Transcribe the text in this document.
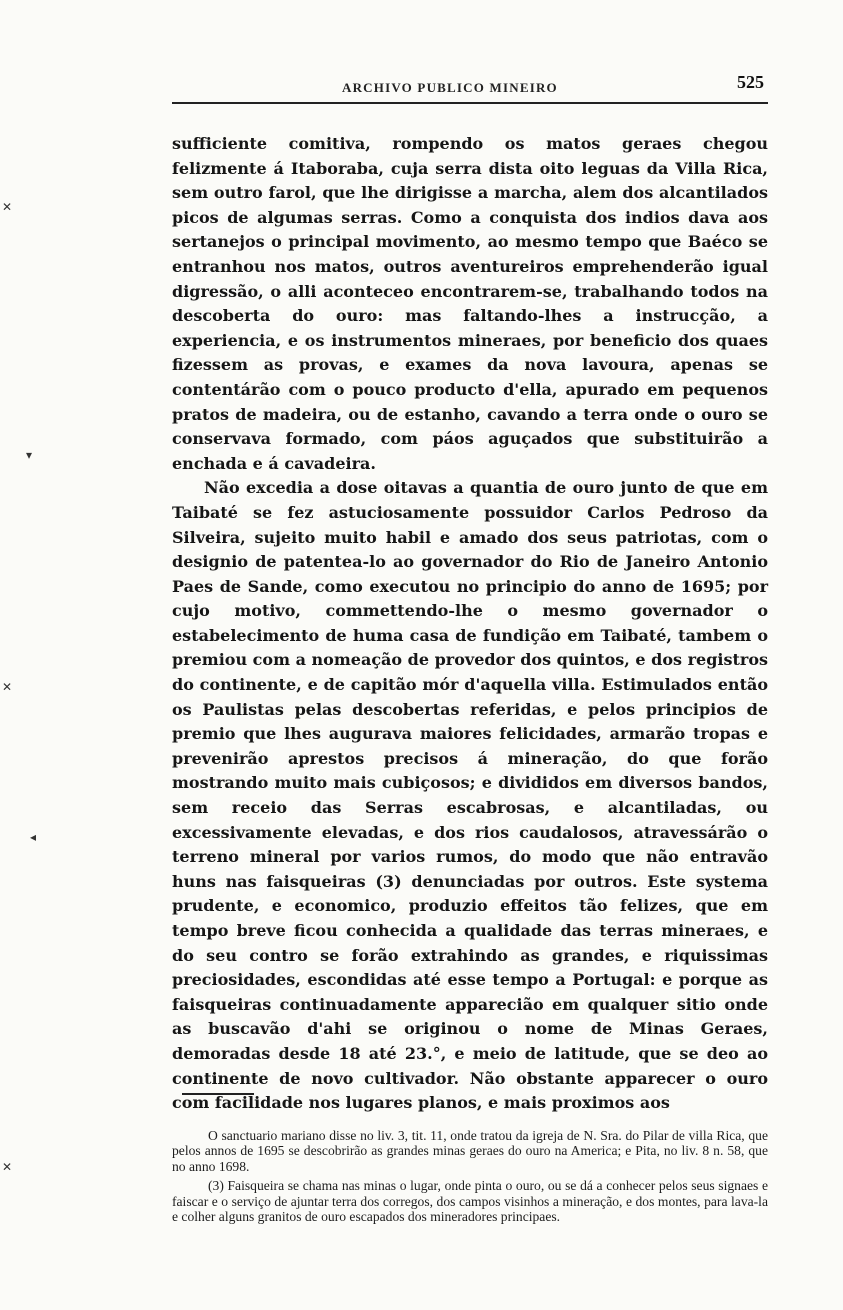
ARCHIVO PUBLICO MINEIRO	525

sufficiente comitiva, rompendo os matos geraes chegou felizmente á Itaboraba, cuja serra dista oito leguas da Villa Rica, sem outro farol, que lhe dirigisse a marcha, alem dos alcantilados picos de algumas serras. Como a conquista dos indios dava aos sertanejos o principal movimento, ao mesmo tempo que Baéco se entranhou nos matos, outros aventureiros emprehenderão igual digressão, o alli aconteceo encontrarem-se, trabalhando todos na descoberta do ouro: mas faltando-lhes a instrucção, a experiencia, e os instrumentos mineraes, por beneficio dos quaes fizessem as provas, e exames da nova lavoura, apenas se contentárão com o pouco producto d'ella, apurado em pequenos pratos de madeira, ou de estanho, cavando a terra onde o ouro se conservava formado, com páos aguçados que substituirão a enchada e á cavadeira.

Não excedia a dose oitavas a quantia de ouro junto de que em Taibaté se fez astuciosamente possuidor Carlos Pedroso da Silveira, sujeito muito habil e amado dos seus patriotas, com o designio de patentea-lo ao governador do Rio de Janeiro Antonio Paes de Sande, como executou no principio do anno de 1695; por cujo motivo, commettendo-lhe o mesmo governador o estabelecimento de huma casa de fundição em Taibaté, tambem o premiou com a nomeação de provedor dos quintos, e dos registros do continente, e de capitão mór d'aquella villa. Estimulados então os Paulistas pelas descobertas referidas, e pelos principios de premio que lhes augurava maiores felicidades, armarão tropas e prevenirão aprestos precisos á mineração, do que forão mostrando muito mais cubiçosos; e divididos em diversos bandos, sem receio das Serras escabrosas, e alcantiladas, ou excessivamente elevadas, e dos rios caudalosos, atravessárão o terreno mineral por varios rumos, do modo que não entravão huns nas faisqueiras (3) denunciadas por outros. Este systema prudente, e economico, produzio effeitos tão felizes, que em tempo breve ficou conhecida a qualidade das terras mineraes, e do seu contro se forão extrahindo as grandes, e riquissimas preciosidades, escondidas até esse tempo a Portugal: e porque as faisqueiras continuadamente apparecião em qualquer sitio onde as buscavão d'ahi se originou o nome de Minas Geraes, demoradas desde 18 até 23.°, e meio de latitude, que se deo ao continente de novo cultivador. Não obstante apparecer o ouro com facilidade nos lugares planos, e mais proximos aos

O sanctuario mariano disse no liv. 3, tit. 11, onde tratou da igreja de N. Sra. do Pilar de villa Rica, que pelos annos de 1695 se descobrirão as grandes minas geraes do ouro na America; e Pita, no liv. 8 n. 58, que no anno 1698.

(3) Faisqueira se chama nas minas o lugar, onde pinta o ouro, ou se dá a conhecer pelos seus signaes e faiscar e o serviço de ajuntar terra dos corregos, dos campos visinhos a mineração, e dos montes, para lava-la e colher alguns granitos de ouro escapados dos mineradores principaes.

✕
▾
✕
◂
✕
